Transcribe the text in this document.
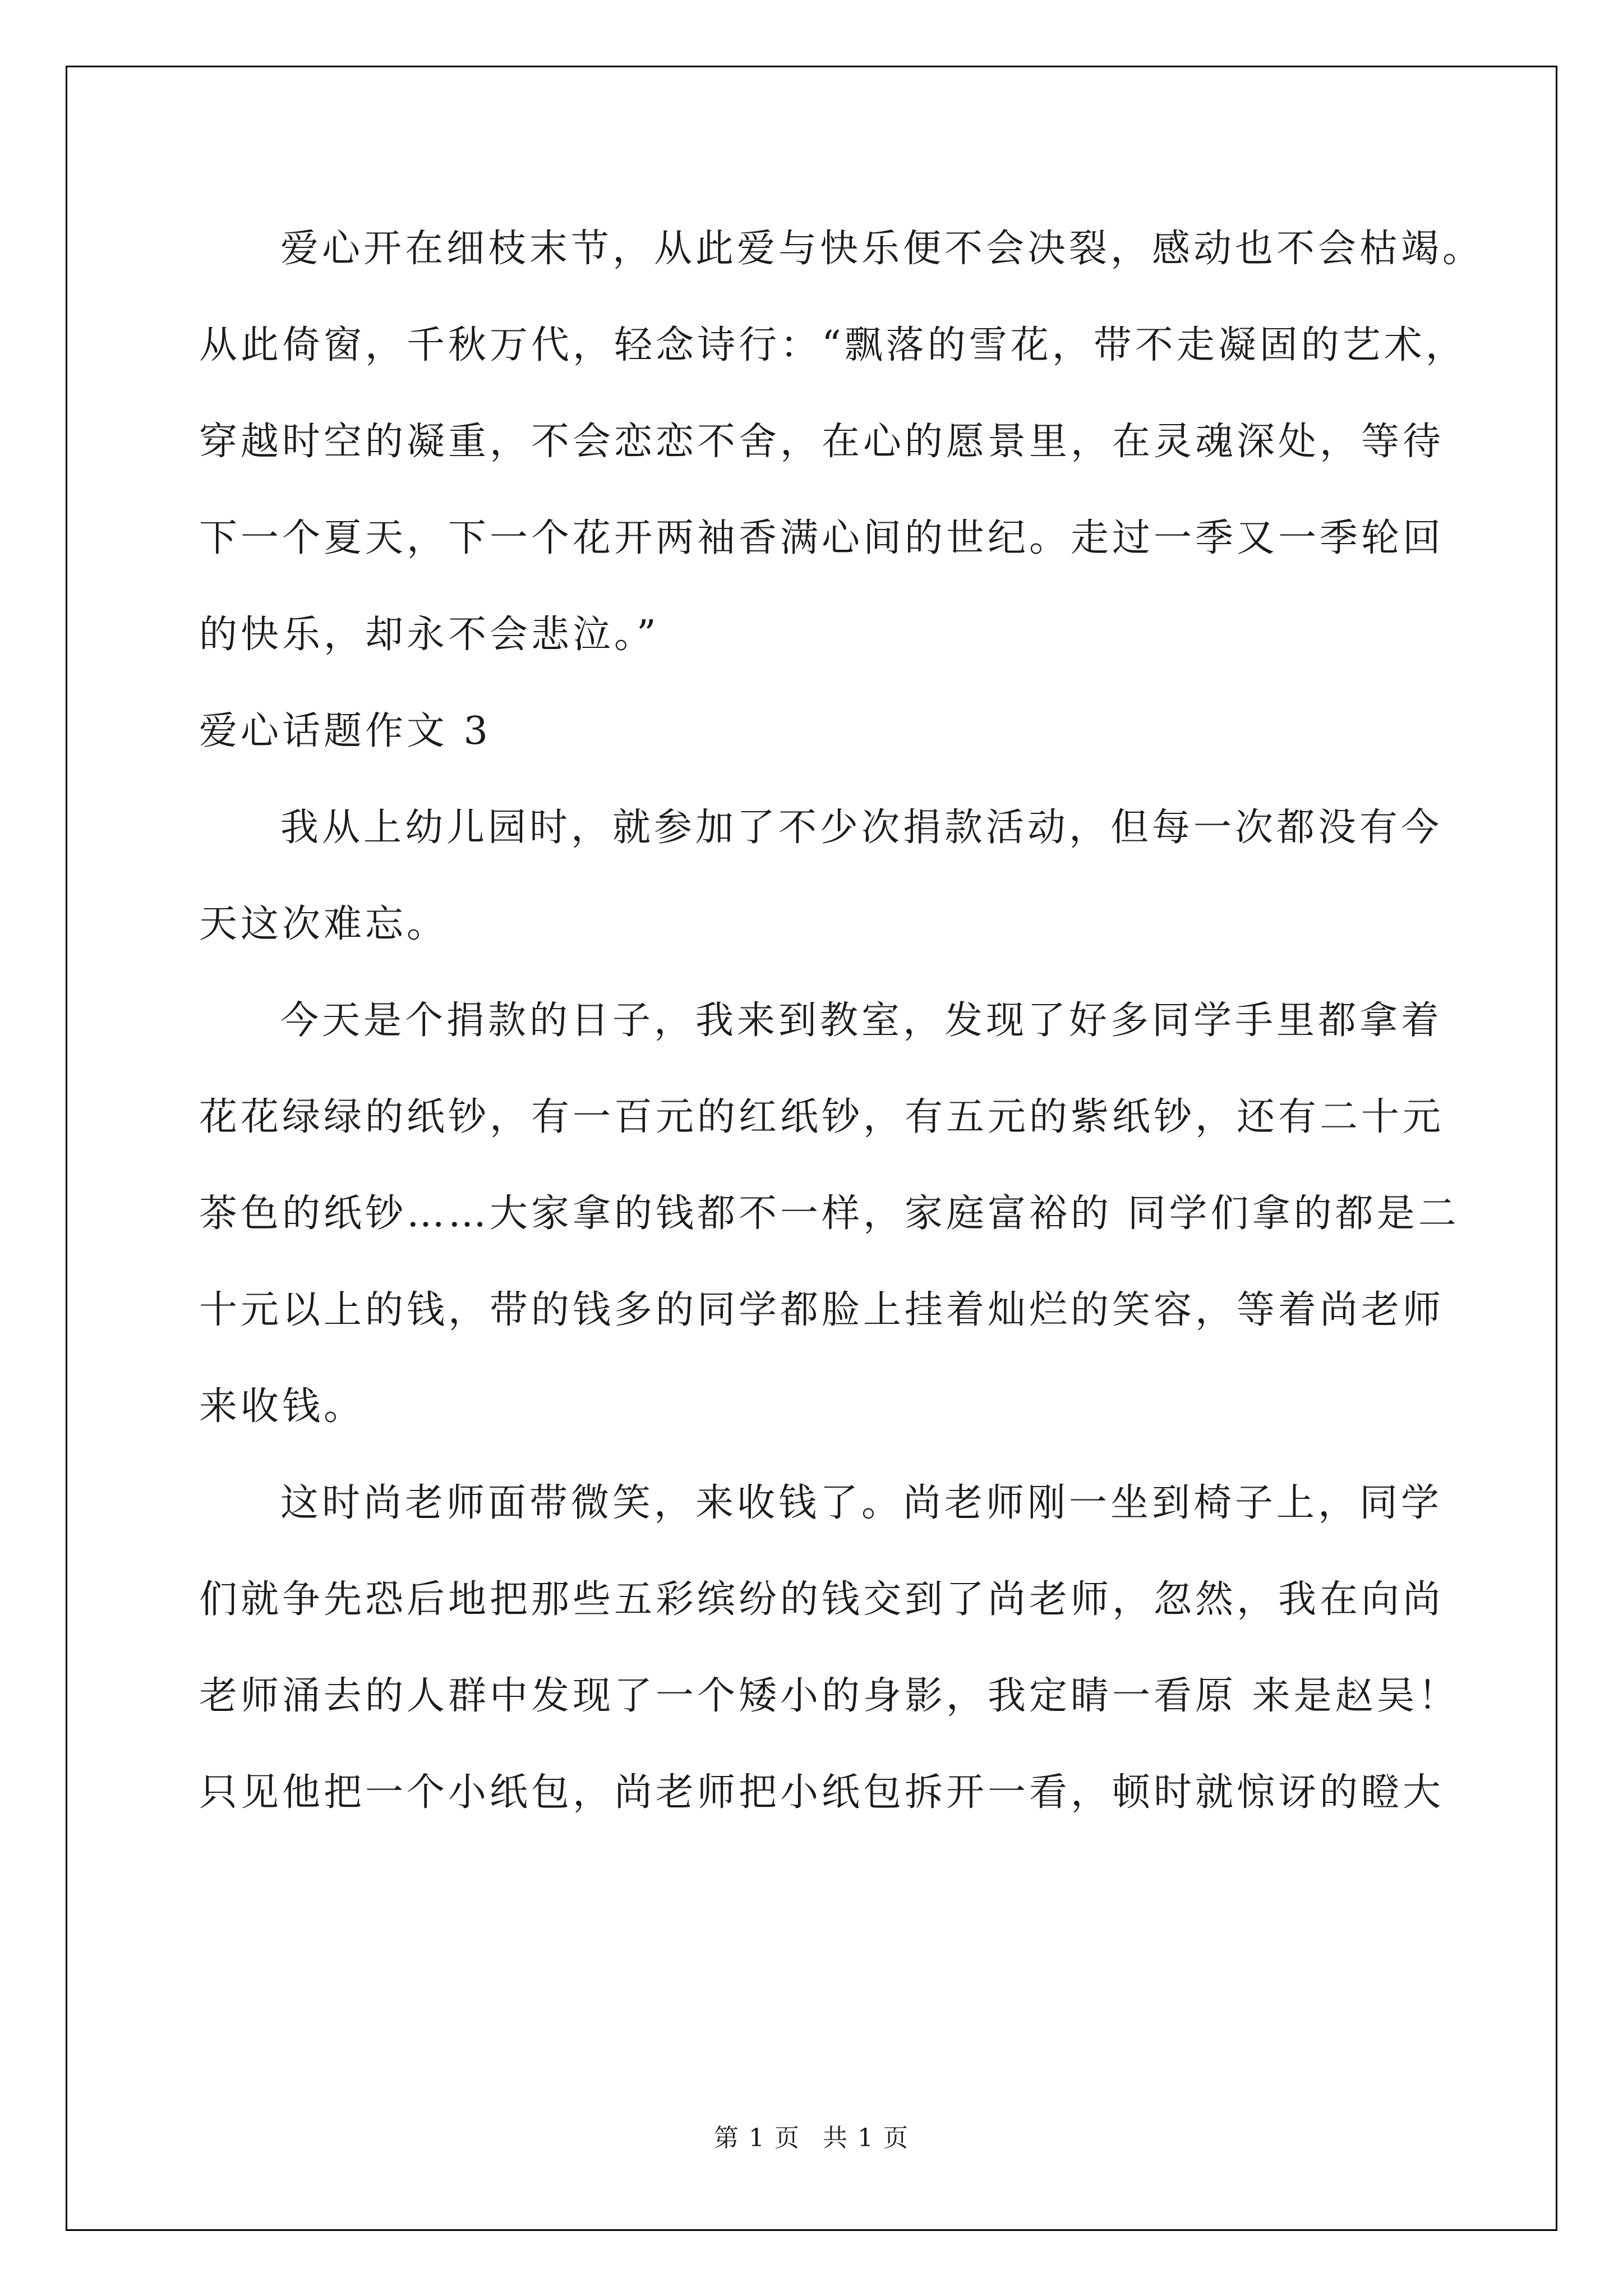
爱心开在细枝末节，从此爱与快乐便不会决裂，感动也不会枯竭。
从此倚窗，千秋万代，轻念诗行：“飘落的雪花，带不走凝固的艺术，
穿越时空的凝重，不会恋恋不舍，在心的愿景里，在灵魂深处，等待
下一个夏天，下一个花开两袖香满心间的世纪。走过一季又一季轮回
的快乐，却永不会悲泣。”
爱心话题作文 3
我从上幼儿园时，就参加了不少次捐款活动，但每一次都没有今
天这次难忘。
今天是个捐款的日子，我来到教室，发现了好多同学手里都拿着
花花绿绿的纸钞，有一百元的红纸钞，有五元的紫纸钞，还有二十元
茶色的纸钞……大家拿的钱都不一样，家庭富裕的 同学们拿的都是二
十元以上的钱，带的钱多的同学都脸上挂着灿烂的笑容，等着尚老师
来收钱。
这时尚老师面带微笑，来收钱了。尚老师刚一坐到椅子上，同学
们就争先恐后地把那些五彩缤纷的钱交到了尚老师，忽然，我在向尚
老师涌去的人群中发现了一个矮小的身影，我定睛一看原 来是赵吴！
只见他把一个小纸包，尚老师把小纸包拆开一看，顿时就惊讶的瞪大
第 1 页 共 1 页
